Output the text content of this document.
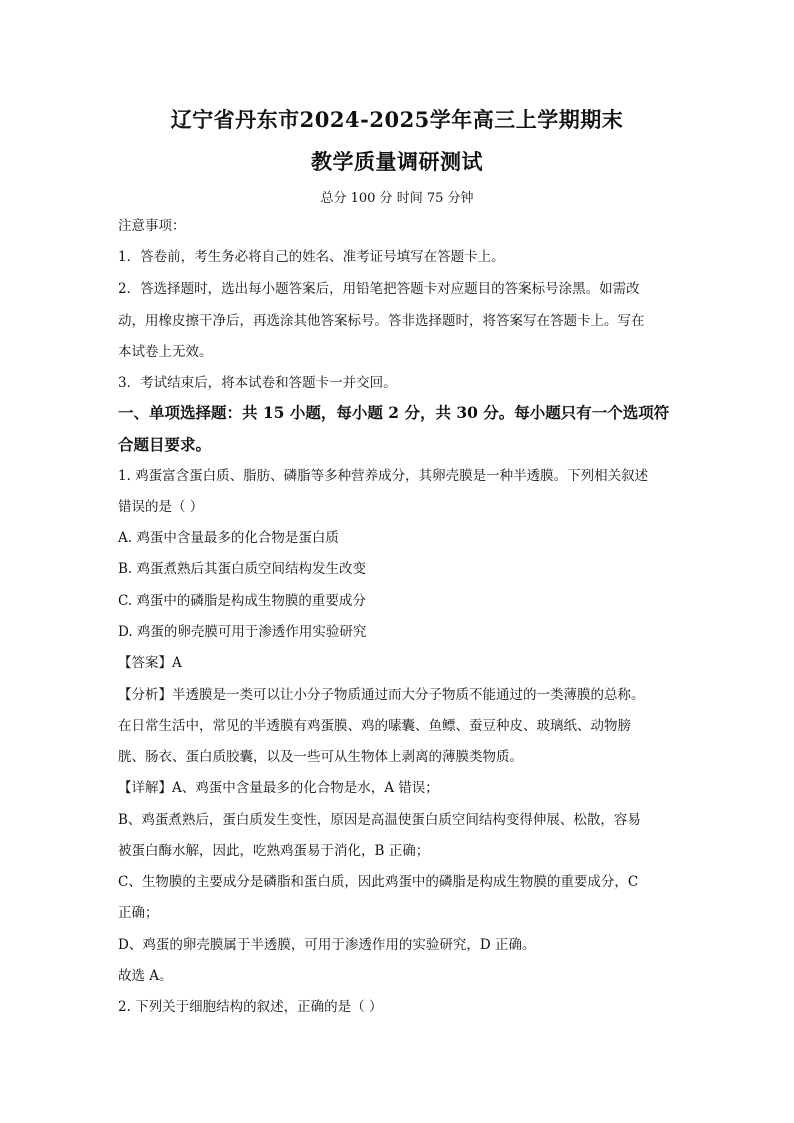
辽宁省丹东市2024-2025学年高三上学期期末
教学质量调研测试
总分 100 分 时间 75 分钟
注意事项：
1．答卷前，考生务必将自己的姓名、准考证号填写在答题卡上。
2．答选择题时，选出每小题答案后，用铅笔把答题卡对应题目的答案标号涂黑。如需改
动，用橡皮擦干净后，再选涂其他答案标号。答非选择题时，将答案写在答题卡上。写在
本试卷上无效。
3．考试结束后，将本试卷和答题卡一并交回。
一、单项选择题：共 15 小题，每小题 2 分，共 30 分。每小题只有一个选项符
合题目要求。
1. 鸡蛋富含蛋白质、脂肪、磷脂等多种营养成分，其卵壳膜是一种半透膜。下列相关叙述
错误的是（ ）
A. 鸡蛋中含量最多的化合物是蛋白质
B. 鸡蛋煮熟后其蛋白质空间结构发生改变
C. 鸡蛋中的磷脂是构成生物膜的重要成分
D. 鸡蛋的卵壳膜可用于渗透作用实验研究
【答案】A
【分析】半透膜是一类可以让小分子物质通过而大分子物质不能通过的一类薄膜的总称。
在日常生活中，常见的半透膜有鸡蛋膜、鸡的嗉囊、鱼鳔、蚕豆种皮、玻璃纸、动物膀
胱、肠衣、蛋白质胶囊，以及一些可从生物体上剥离的薄膜类物质。
【详解】A、鸡蛋中含量最多的化合物是水，A 错误；
B、鸡蛋煮熟后，蛋白质发生变性，原因是高温使蛋白质空间结构变得伸展、松散，容易
被蛋白酶水解，因此，吃熟鸡蛋易于消化，B 正确；
C、生物膜的主要成分是磷脂和蛋白质，因此鸡蛋中的磷脂是构成生物膜的重要成分，C
正确；
D、鸡蛋的卵壳膜属于半透膜，可用于渗透作用的实验研究，D 正确。
故选 A。
2. 下列关于细胞结构的叙述，正确的是（ ）
